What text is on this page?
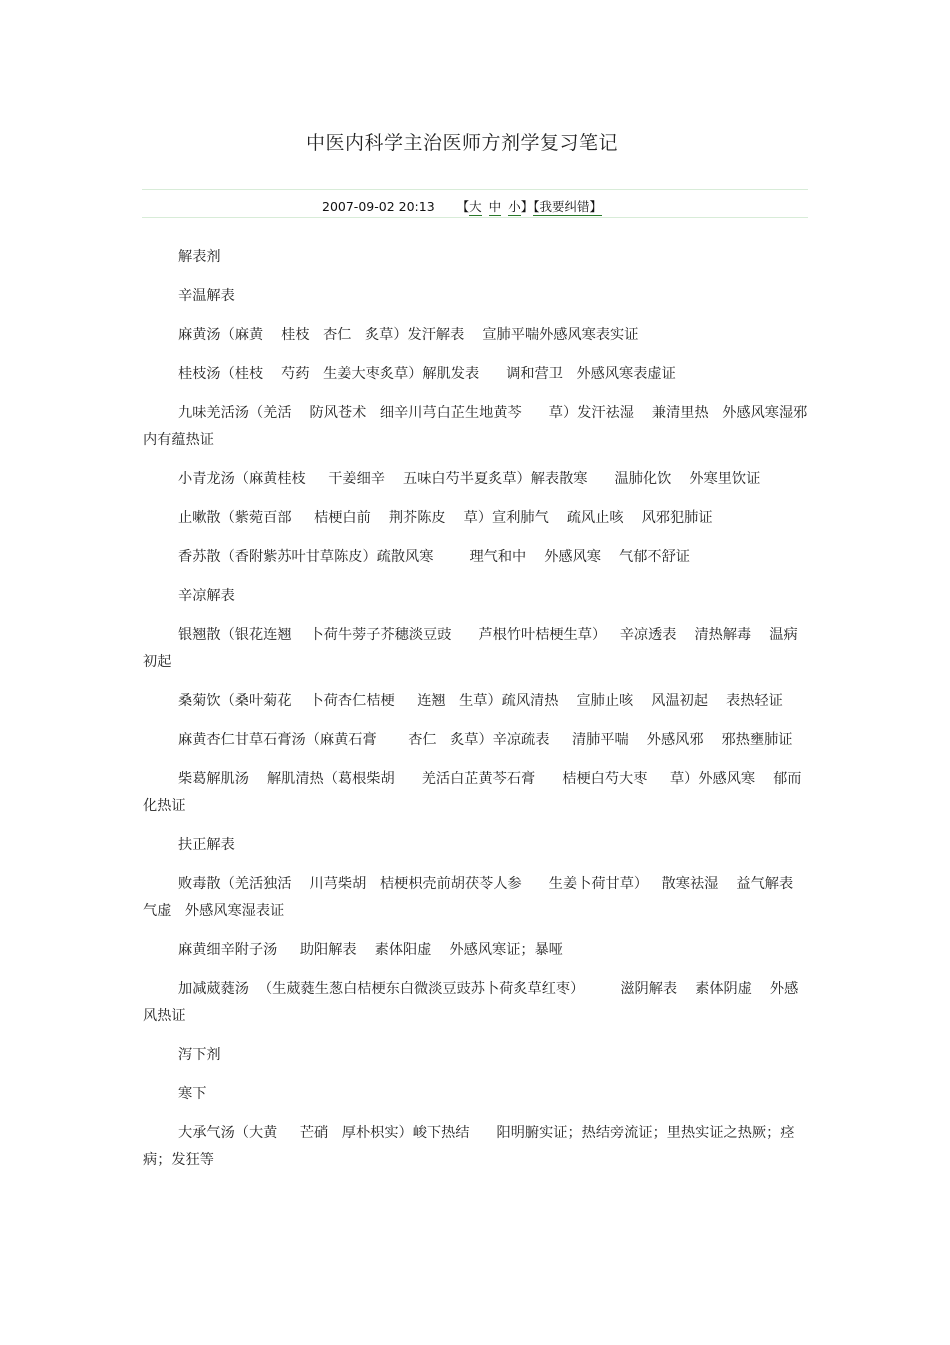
中医内科学主治医师方剂学复习笔记
2007-09-02 20:13 【大 中 小】【我要纠错】

解表剂

辛温解表

麻黄汤（麻黄    桂枝   杏仁   炙草）发汗解表    宣肺平喘外感风寒表实证

桂枝汤（桂枝    芍药   生姜大枣炙草）解肌发表      调和营卫   外感风寒表虚证

九味羌活汤（羌活    防风苍术   细辛川芎白芷生地黄芩      草）发汗祛湿    兼清里热   外感风寒湿邪内有蕴热证

小青龙汤（麻黄桂枝     干姜细辛    五味白芍半夏炙草）解表散寒      温肺化饮    外寒里饮证

止嗽散（紫菀百部     桔梗白前    荆芥陈皮    草）宣利肺气    疏风止咳    风邪犯肺证

香苏散（香附紫苏叶甘草陈皮）疏散风寒        理气和中    外感风寒    气郁不舒证

辛凉解表

银翘散（银花连翘    卜荷牛蒡子芥穗淡豆豉      芦根竹叶桔梗生草）   辛凉透表    清热解毒    温病初起

桑菊饮（桑叶菊花    卜荷杏仁桔梗     连翘   生草）疏风清热    宣肺止咳    风温初起    表热轻证

麻黄杏仁甘草石膏汤（麻黄石膏       杏仁   炙草）辛凉疏表     清肺平喘    外感风邪    邪热壅肺证

柴葛解肌汤    解肌清热（葛根柴胡      羌活白芷黄芩石膏      桔梗白芍大枣     草）外感风寒    郁而化热证

扶正解表

败毒散（羌活独活    川芎柴胡   桔梗枳壳前胡茯苓人参      生姜卜荷甘草）   散寒祛湿    益气解表   气虚   外感风寒湿表证

麻黄细辛附子汤     助阳解表    素体阳虚    外感风寒证；暴哑

加减葳蕤汤  （生葳蕤生葱白桔梗东白微淡豆豉苏卜荷炙草红枣）        滋阴解表    素体阴虚    外感风热证

泻下剂

寒下

大承气汤（大黄     芒硝   厚朴枳实）峻下热结      阳明腑实证；热结旁流证；里热实证之热厥；痉病；发狂等
